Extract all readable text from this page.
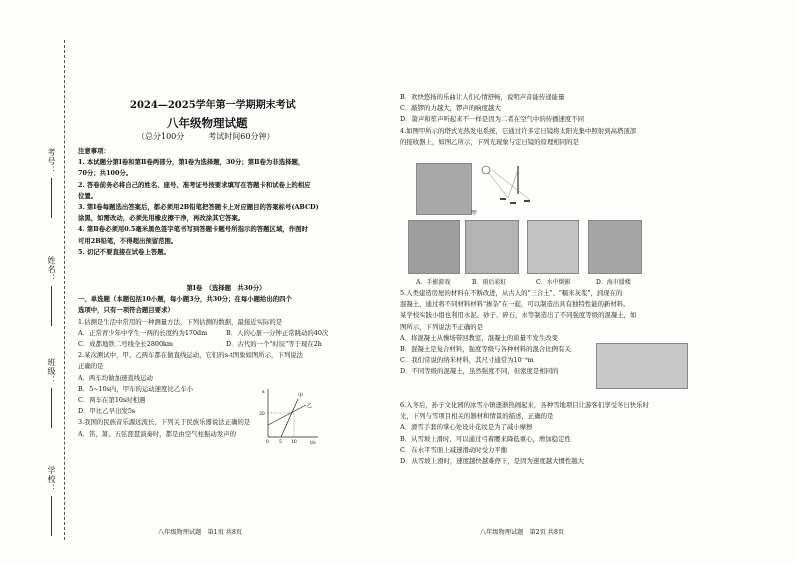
考号：
姓名：
班级：
学校：
2024—2025学年第一学期期末考试
八年级物理试题
（总分100分	考试时间60分钟）
注意事项：
1. 本试题分第Ⅰ卷和第Ⅱ卷两部分，第Ⅰ卷为选择题，30分；第Ⅱ卷为非选择题，
70分；共100分。
2. 答卷前务必将自己的姓名、座号、准考证号按要求填写在答题卡和试卷上的相应
位置。
3. 第Ⅰ卷每题选出答案后，都必须用2B铅笔把答题卡上对应题目的答案标号(ABCD)
涂黑，如需改动，必须先用橡皮擦干净，再改涂其它答案。
4. 第Ⅱ卷必须用0.5毫米黑色签字笔书写到答题卡题号所指示的答题区域，作图时
可用2B铅笔，不得超出预留范围。
5. 切记不要直接在试卷上答题。
第Ⅰ卷　（选择题　共30分）
一、单选题（本题包括10小题，每小题3分，共30分；在每小题给出的四个
选项中，只有一项符合题目要求）
1.估测是生活中常用的一种测量方法，下列估测的数据，最接近实际的是
A．正常青少年中学生一两的长度约为170dm	B．人的心脏一分钟正常跳动的40次
C．成都地铁二号线全长2800km	D．古代的一个"时辰"等于现在2h
2.某次测试中，甲、乙两车都在做直线运动，它们的s-t图象如图所示，下列说法
正确的是
A．两车均做加速直线运动
B．5~10s内，甲车的运动速度比乙车小
C．两车在第10s时相遇
D．甲比乙早出发5s
3.我国的民族音乐源远流长，下列关于民族乐器说法正确的是
A．笛、箫、五弦琵琶演奏时，都是由空气柱振动发声的
s
t/s
20
0 5 10
甲
乙
B．欢快悠扬的乐曲让人们心情舒畅，说明声音能传递能量
C．敲锣的力越大，锣声的响度越大
D．箫声和笙声听起来不一样是因为二者在空气中的传播速度不同
4.如图甲所示的塔式光热发电系统，它通过许多定日镜将太阳光集中照射到高塔顶部
的接收器上，如图乙所示，下列光现象与定日镜的原理相同的是
甲
A．手影游戏	B．雨后彩虹	C．水中倒影	D．海市蜃楼
5.人类建造房屋的材料在不断改进，从古人的"三合土"、"糯米灰浆"，到现在的
混凝土，通过将不同材料材料"掺杂"在一起，可以制造出具有独特性能的新材料。
某学校实践小组也利用水泥、砂子、碎石，水等制造出了不同强度等级的混凝土，如
图所示，下列说法不正确的是
A．将混凝土从操场带回教室，混凝土的质量不发生改变
B．混凝土是复合材料，强度等级与各种材料的混合比例有关
C．我们常说的纳米材料，其尺寸通常为10⁻⁹m
D．不同等级的混凝土，虽然强度不同，但密度是相同的
6.入冬后，孙子文化园的冰雪小镇逐渐热闹起来，各种雪地项目让游客们享受冬日快乐时
光，下列与雪项目相关的器材和情景的描述，正确的是
A．滑雪手套的掌心处设计花纹是为了减小摩擦
B．从雪坡上滑时，可以通过弓着腰来降低重心，增加稳定性
C．在水平雪面上减速滑动时受力平衡
D．从雪坡上滑时，速度越快越难停下，是因为速度越大惯性越大
八年级物理试题　第1页 共8页	八年级物理试题　第2页 共8页
